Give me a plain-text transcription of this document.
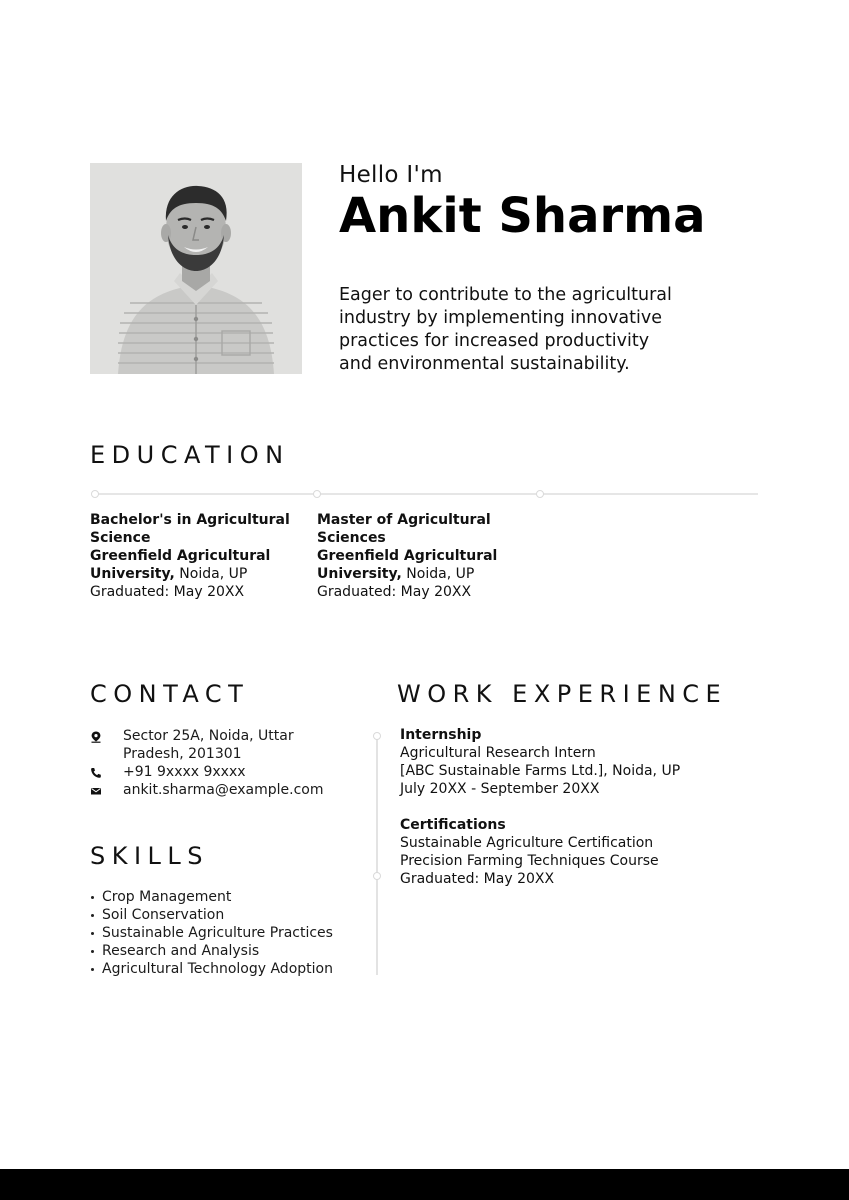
Hello I'm
Ankit Sharma
Eager to contribute to the agricultural industry by implementing innovative practices for increased productivity and environmental sustainability.
EDUCATION
Bachelor's in Agricultural Science
Greenfield Agricultural University, Noida, UP
Graduated: May 20XX
Master of Agricultural Sciences
Greenfield Agricultural University, Noida, UP
Graduated: May 20XX
CONTACT
Sector 25A, Noida, Uttar Pradesh, 201301
+91 9xxxx 9xxxx
ankit.sharma@example.com
SKILLS
Crop Management
Soil Conservation
Sustainable Agriculture Practices
Research and Analysis
Agricultural Technology Adoption
WORK EXPERIENCE
Internship
Agricultural Research Intern
[ABC Sustainable Farms Ltd.], Noida, UP
July 20XX - September 20XX
Certifications
Sustainable Agriculture Certification
Precision Farming Techniques Course
Graduated: May 20XX
